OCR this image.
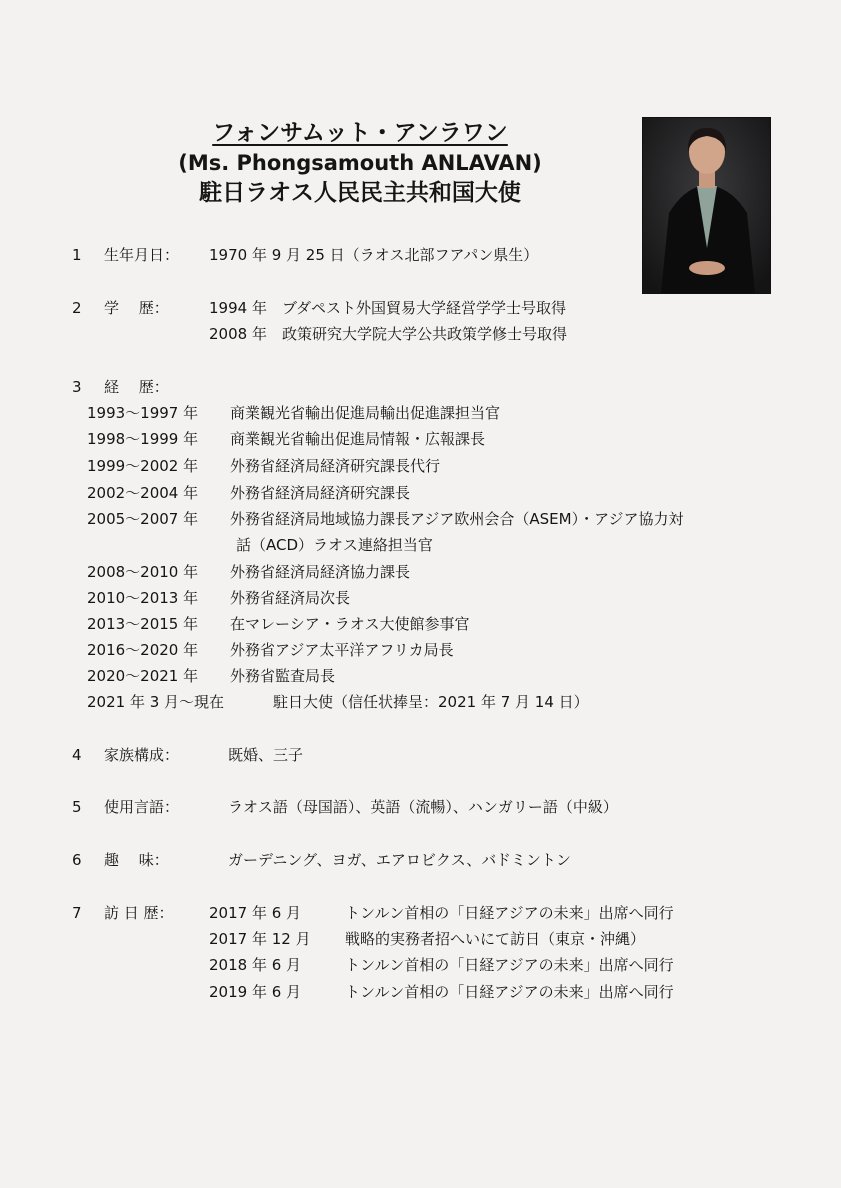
フォンサムット・アンラワン
(Ms. Phongsamouth ANLAVAN)
駐日ラオス人民民主共和国大使
1 生年月日： 1970 年 9 月 25 日（ラオス北部フアパン県生）
2 学　 歴：	1994 年 ブダペスト外国貿易大学経営学学士号取得
2008 年 政策研究大学院大学公共政策学修士号取得
3 経　 歴：
1993～1997 年 商業観光省輸出促進局輸出促進課担当官
1998～1999 年 商業観光省輸出促進局情報・広報課長
1999～2002 年 外務省経済局経済研究課長代行
2002～2004 年 外務省経済局経済研究課長
2005～2007 年 外務省経済局地域協力課長アジア欧州会合（ASEM）・アジア協力対
話（ACD）ラオス連絡担当官
2008～2010 年 外務省経済局経済協力課長
2010～2013 年 外務省経済局次長
2013～2015 年 在マレーシア・ラオス大使館参事官
2016～2020 年 外務省アジア太平洋アフリカ局長
2020～2021 年 外務省監査局長
2021 年 3 月～現在	駐日大使（信任状捧呈：2021 年 7 月 14 日）
4 家族構成：	既婚、三子
5 使用言語：	ラオス語（母国語）、英語（流暢）、ハンガリー語（中級）
6 趣　 味：	ガーデニング、ヨガ、エアロビクス、バドミントン
7 訪 日 歴： 2017 年 6 月	トンルン首相の「日経アジアの未来」出席へ同行
2017 年 12 月 戦略的実務者招へいにて訪日（東京・沖縄）
2018 年 6 月	トンルン首相の「日経アジアの未来」出席へ同行
2019 年 6 月	トンルン首相の「日経アジアの未来」出席へ同行
